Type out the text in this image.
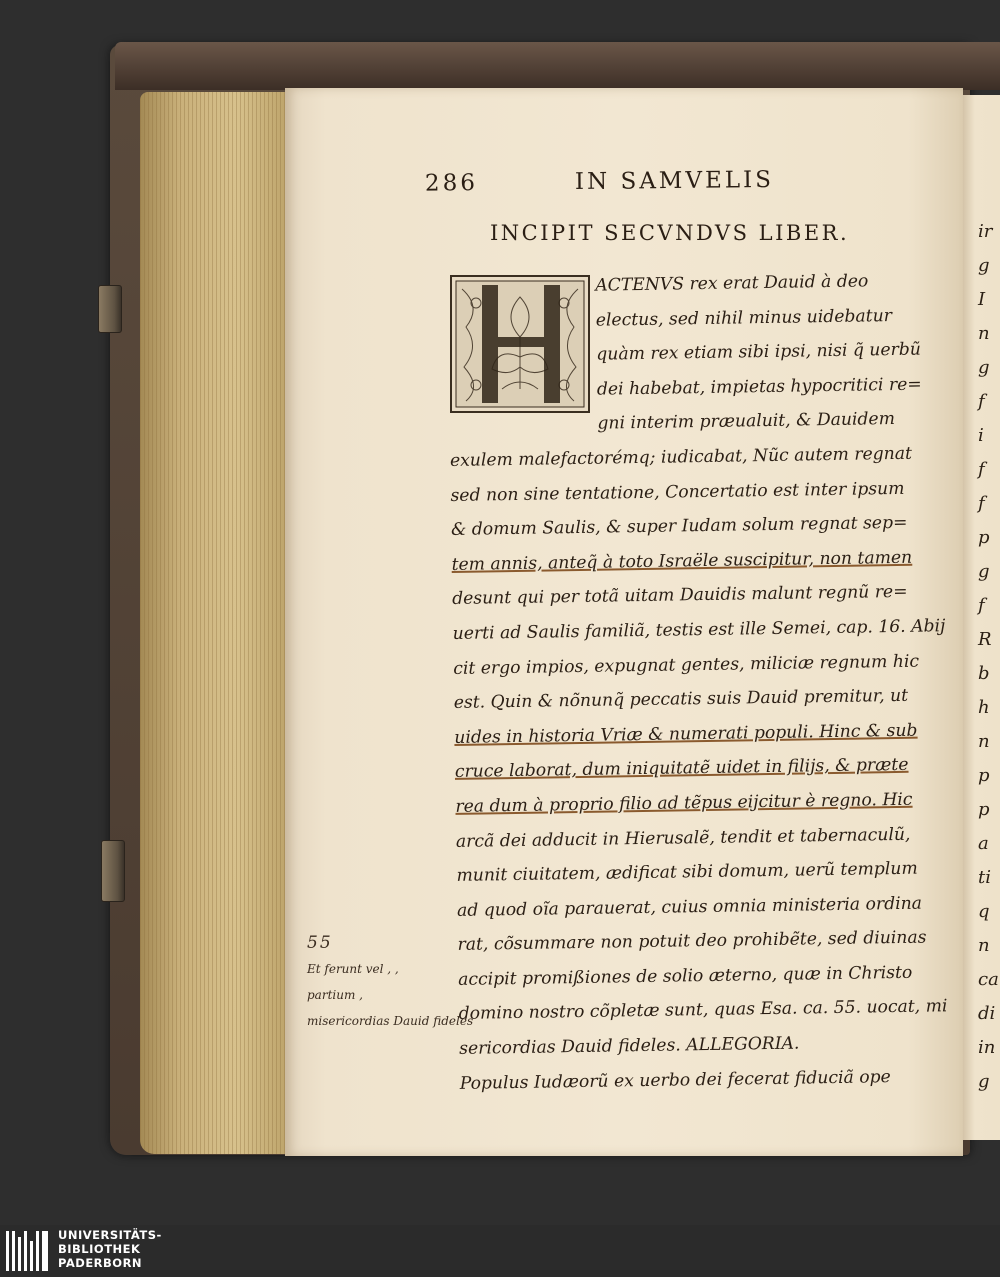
ir
g
I
n
g
f
i
f
f
p
g
f
R
b
h
n
p
p
a
ti
q
n
ca
di
in
g
286	IN SAMVELIS
INCIPIT SECVNDVS LIBER.
ACTENVS rex erat Dauid à deo
electus, sed nihil minus uidebatur
quàm rex etiam sibi ipsi, nisi q̃ uerbũ
dei habebat, impietas hypocritici re=
gni interim præualuit, & Dauidem
exulem malefactorémq; iudicabat, Nũc autem regnat
sed non sine tentatione, Concertatio est inter ipsum
& domum Saulis, & super Iudam solum regnat sep=
tem annis, anteq̃ à toto Israële suscipitur, non tamen
desunt qui per totã uitam Dauidis malunt regnũ re=
uerti ad Saulis familiã, testis est ille Semei, cap. 16. Abij
cit ergo impios, expugnat gentes, miliciæ regnum hic
est. Quin & nõnunq̃ peccatis suis Dauid premitur, ut
uides in historia Vriæ & numerati populi. Hinc & sub
cruce laborat, dum iniquitatẽ uidet in filijs, & præte
rea dum à proprio filio ad tẽpus eijcitur è regno. Hic
arcã dei adducit in Hierusalẽ, tendit et tabernaculũ,
munit ciuitatem, ædificat sibi domum, uerũ templum
ad quod oĩa parauerat, cuius omnia ministeria ordina
rat, cõsummare non potuit deo prohibẽte, sed diuinas
accipit promißiones de solio æterno, quæ in Christo
domino nostro cõpletæ sunt, quas Esa. ca. 55. uocat, mi
sericordias Dauid fideles. ALLEGORIA.
Populus Iudæorũ ex uerbo dei fecerat fiduciã ope
55
Et ferunt vel , ,
partium ,
misericordias Dauid fideles
UNIVERSITÄTS-
BIBLIOTHEK
PADERBORN
